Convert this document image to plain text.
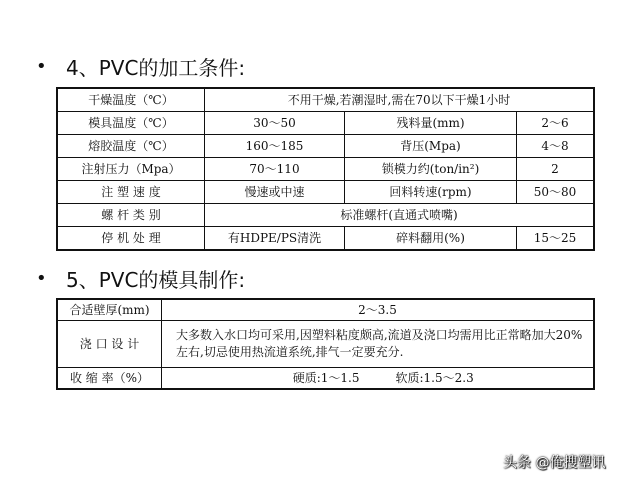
• 4、PVC的加工条件:
干燥温度（℃）	不用干燥,若潮湿时,需在70以下干燥1小时		
模具温度（℃）	30～50	残料量(mm)	2～6
熔胶温度（℃）	160～185	背压(Mpa)	4～8
注射压力（Mpa）	70～110	锁模力约(ton/in²)	2
注 塑 速 度	慢速或中速	回料转速(rpm)	50～80
螺 杆 类 别	标准螺杆(直通式喷嘴)		
停 机 处 理	有HDPE/PS清洗	碎料翻用(%)	15～25
• 5、PVC的模具制作:
合适壁厚(mm)	2～3.5	
浇 口 设 计	大多数入水口均可采用,因塑料粘度颇高,流道及浇口均需用比正常略加大20%左右,切忌使用热流道系统,排气一定要充分.	
收 缩 率（%）	硬质:1～1.5	软质:1.5～2.3
头条 @俺搜塑讯
